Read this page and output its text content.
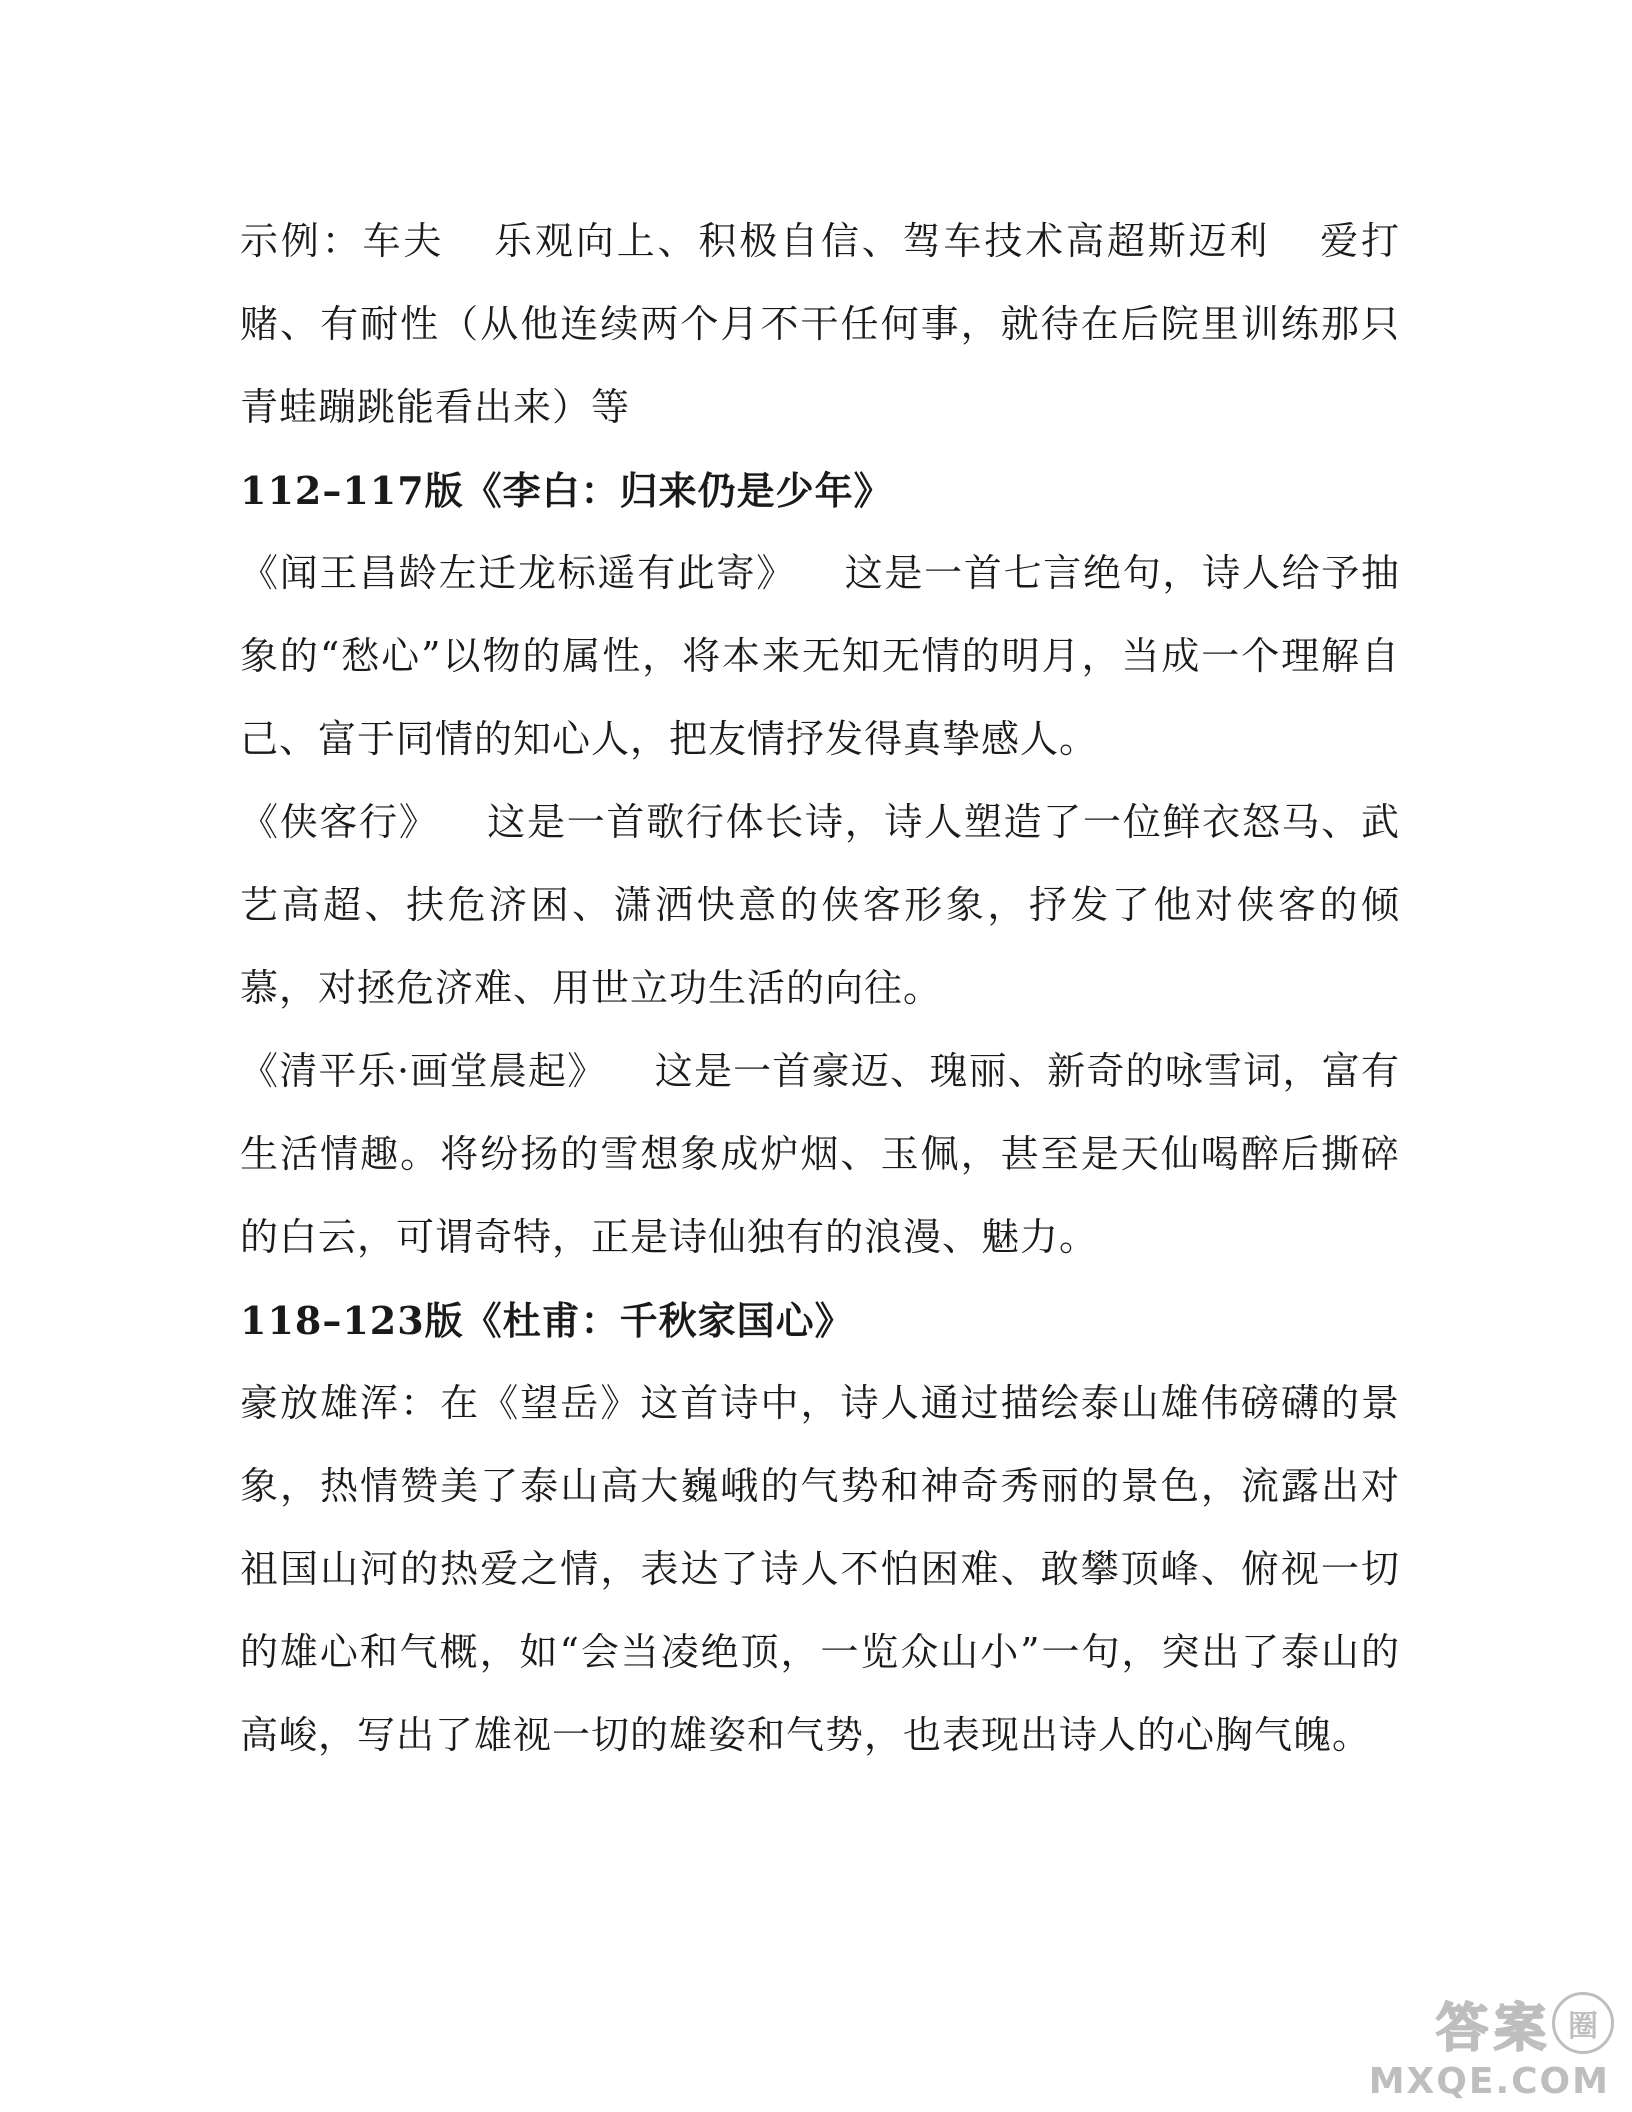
示例：车夫 乐观向上、积极自信、驾车技术高超斯迈利 爱打赌、有耐性（从他连续两个月不干任何事，就待在后院里训练那只青蛙蹦跳能看出来）等

112–117版《李白：归来仍是少年》

《闻王昌龄左迁龙标遥有此寄》 这是一首七言绝句，诗人给予抽象的“愁心”以物的属性，将本来无知无情的明月，当成一个理解自己、富于同情的知心人，把友情抒发得真挚感人。

《侠客行》 这是一首歌行体长诗，诗人塑造了一位鲜衣怒马、武艺高超、扶危济困、潇洒快意的侠客形象，抒发了他对侠客的倾慕，对拯危济难、用世立功生活的向往。

《清平乐·画堂晨起》 这是一首豪迈、瑰丽、新奇的咏雪词，富有生活情趣。将纷扬的雪想象成炉烟、玉佩，甚至是天仙喝醉后撕碎的白云，可谓奇特，正是诗仙独有的浪漫、魅力。

118–123版《杜甫：千秋家国心》

豪放雄浑：在《望岳》这首诗中，诗人通过描绘泰山雄伟磅礴的景象，热情赞美了泰山高大巍峨的气势和神奇秀丽的景色，流露出对祖国山河的热爱之情，表达了诗人不怕困难、敢攀顶峰、俯视一切的雄心和气概，如“会当凌绝顶，一览众山小”一句，突出了泰山的高峻，写出了雄视一切的雄姿和气势，也表现出诗人的心胸气魄。

答 案 圈
MXQE.COM
